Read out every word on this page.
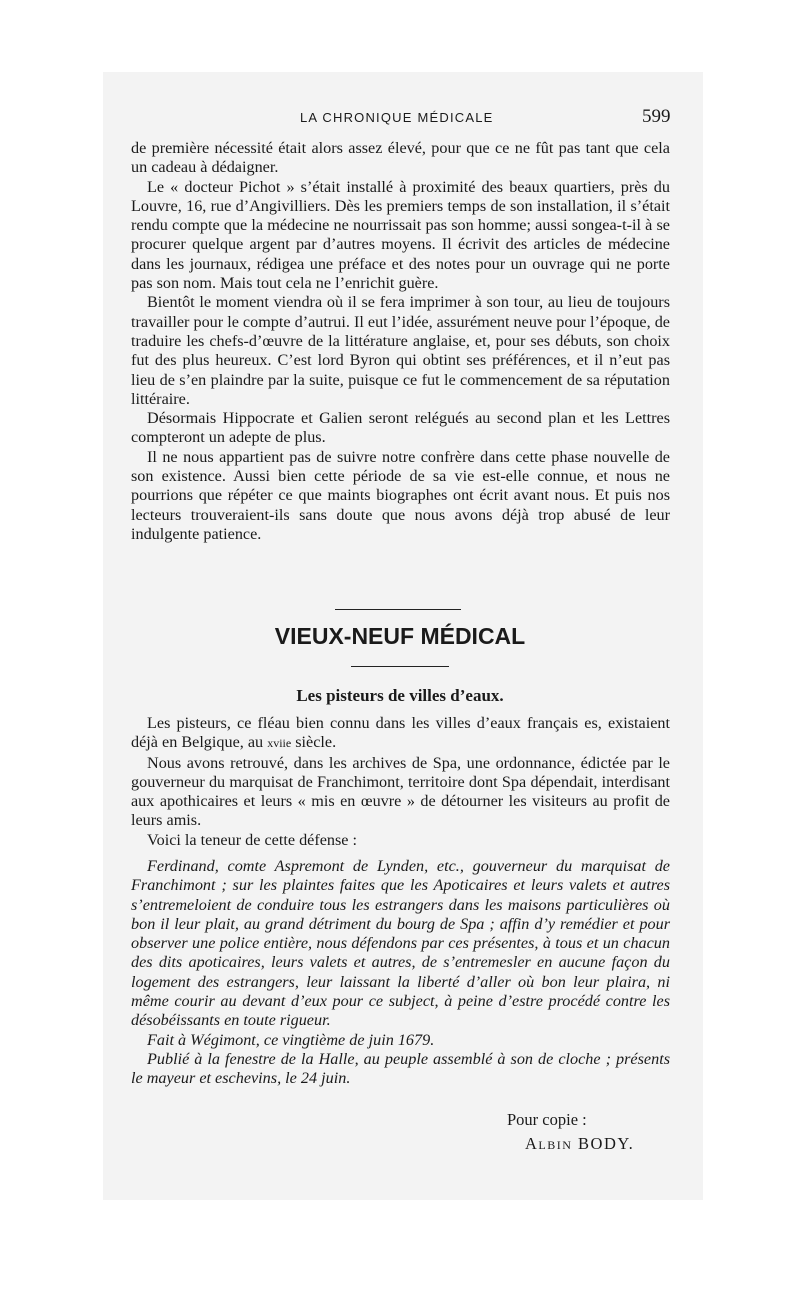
LA CHRONIQUE MÉDICALE	599

de première nécessité était alors assez élevé, pour que ce ne fût pas tant que cela un cadeau à dédaigner.

Le « docteur Pichot » s’était installé à proximité des beaux quartiers, près du Louvre, 16, rue d’Angivilliers. Dès les premiers temps de son installation, il s’était rendu compte que la médecine ne nourrissait pas son homme; aussi songea-t-il à se procurer quelque argent par d’autres moyens. Il écrivit des articles de médecine dans les journaux, rédigea une préface et des notes pour un ouvrage qui ne porte pas son nom. Mais tout cela ne l’enrichit guère.

Bientôt le moment viendra où il se fera imprimer à son tour, au lieu de toujours travailler pour le compte d’autrui. Il eut l’idée, assurément neuve pour l’époque, de traduire les chefs-d’œuvre de la littérature anglaise, et, pour ses débuts, son choix fut des plus heureux. C’est lord Byron qui obtint ses préférences, et il n’eut pas lieu de s’en plaindre par la suite, puisque ce fut le commencement de sa réputation littéraire.

Désormais Hippocrate et Galien seront relégués au second plan et les Lettres compteront un adepte de plus.

Il ne nous appartient pas de suivre notre confrère dans cette phase nouvelle de son existence. Aussi bien cette période de sa vie est-elle connue, et nous ne pourrions que répéter ce que maints biographes ont écrit avant nous. Et puis nos lecteurs trouveraient-ils sans doute que nous avons déjà trop abusé de leur indulgente patience.

VIEUX-NEUF MÉDICAL
Les pisteurs de villes d’eaux.

Les pisteurs, ce fléau bien connu dans les villes d’eaux français es, existaient déjà en Belgique, au xviie siècle.

Nous avons retrouvé, dans les archives de Spa, une ordonnance, édictée par le gouverneur du marquisat de Franchimont, territoire dont Spa dépendait, interdisant aux apothicaires et leurs « mis en œuvre » de détourner les visiteurs au profit de leurs amis.

Voici la teneur de cette défense :

Ferdinand, comte Aspremont de Lynden, etc., gouverneur du marquisat de Franchimont ; sur les plaintes faites que les Apoticaires et leurs valets et autres s’entremeloient de conduire tous les estrangers dans les maisons particulières où bon il leur plait, au grand détriment du bourg de Spa ; affin d’y remédier et pour observer une police entière, nous défendons par ces présentes, à tous et un chacun des dits apoticaires, leurs valets et autres, de s’entremesler en aucune façon du logement des estrangers, leur laissant la liberté d’aller où bon leur plaira, ni même courir au devant d’eux pour ce subject, à peine d’estre procédé contre les désobéissants en toute rigueur.

Fait à Wégimont, ce vingtième de juin 1679.

Publié à la fenestre de la Halle, au peuple assemblé à son de cloche ; présents le mayeur et eschevins, le 24 juin.

Pour copie :
ALBIN BODY.
